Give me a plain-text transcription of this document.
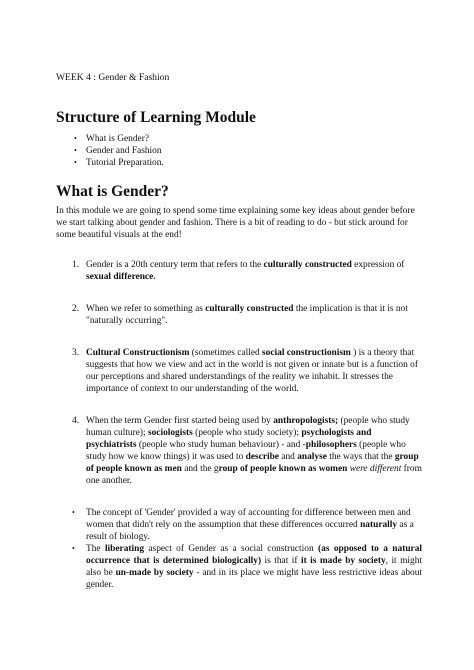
WEEK 4 : Gender & Fashion
Structure of Learning Module
• What is Gender?
• Gender and Fashion
• Tutorial Preparation.
What is Gender?

In this module we are going to spend some time explaining some key ideas about gender before we start talking about gender and fashion. There is a bit of reading to do - but stick around for some beautiful visuals at the end!

1. Gender is a 20th century term that refers to the culturally constructed expression of sexual difference.
2. When we refer to something as culturally constructed the implication is that it is not "naturally occurring".
3. Cultural Constructionism (sometimes called social constructionism ) is a theory that suggests that how we view and act in the world is not given or innate but is a function of our perceptions and shared understandings of the reality we inhabit. It stresses the importance of context to our understanding of the world.
4. When the term Gender first started being used by anthropologists; (people who study human culture); sociologists (people who study society); psychologists and psychiatrists (people who study human behaviour) - and -philosophers (people who study how we know things) it was used to describe and analyse the ways that the group of people known as men and the group of people known as women were different from one another.
•	The concept of 'Gender' provided a way of accounting for difference between men and women that didn't rely on the assumption that these differences occurred naturally as a result of biology.
•	The liberating aspect of Gender as a social construction (as opposed to a natural occurrence that is determined biologically) is that if it is made by society, it might also be un-made by society - and in its place we might have less restrictive ideas about gender.
